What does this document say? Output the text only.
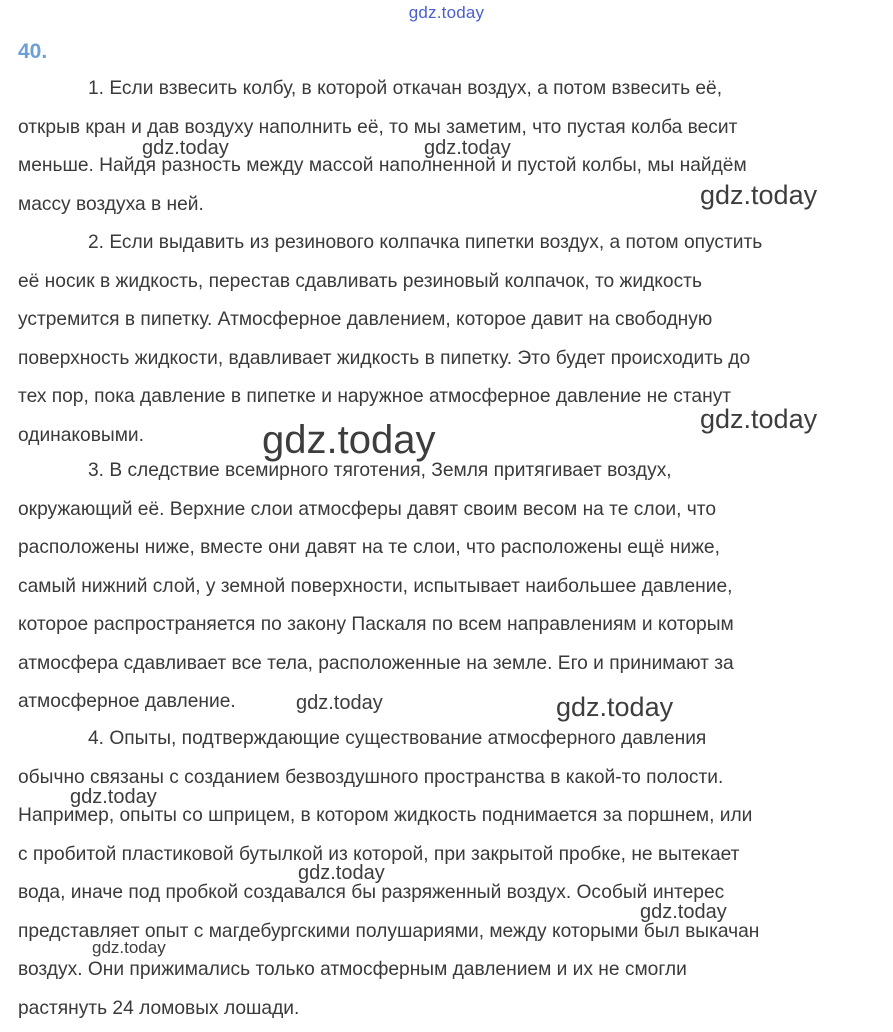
gdz.today
40.
1. Если взвесить колбу, в которой откачан воздух, а потом взвесить её,
открыв кран и дав воздуху наполнить её, то мы заметим, что пустая колба весит
меньше. Найдя разность между массой наполненной и пустой колбы, мы найдём
массу воздуха в ней.
2. Если выдавить из резинового колпачка пипетки воздух, а потом опустить
её носик в жидкость, перестав сдавливать резиновый колпачок, то жидкость
устремится в пипетку. Атмосферное давлением, которое давит на свободную
поверхность жидкости, вдавливает жидкость в пипетку. Это будет происходить до
тех пор, пока давление в пипетке и наружное атмосферное давление не станут
одинаковыми.
3. В следствие всемирного тяготения, Земля притягивает воздух,
окружающий её. Верхние слои атмосферы давят своим весом на те слои, что
расположены ниже, вместе они давят на те слои, что расположены ещё ниже,
самый нижний слой, у земной поверхности, испытывает наибольшее давление,
которое распространяется по закону Паскаля по всем направлениям и которым
атмосфера сдавливает все тела, расположенные на земле. Его и принимают за
атмосферное давление.
4. Опыты, подтверждающие существование атмосферного давления
обычно связаны с созданием безвоздушного пространства в какой-то полости.
Например, опыты со шприцем, в котором жидкость поднимается за поршнем, или
с пробитой пластиковой бутылкой из которой, при закрытой пробке, не вытекает
вода, иначе под пробкой создавался бы разряженный воздух. Особый интерес
представляет опыт с магдебургскими полушариями, между которыми был выкачан
воздух. Они прижимались только атмосферным давлением и их не смогли
растянуть 24 ломовых лошади.
gdz.today	gdz.today
gdz.today
gdz.today
gdz.today
gdz.today	gdz.today
gdz.today
gdz.today
gdz.today
gdz.today
